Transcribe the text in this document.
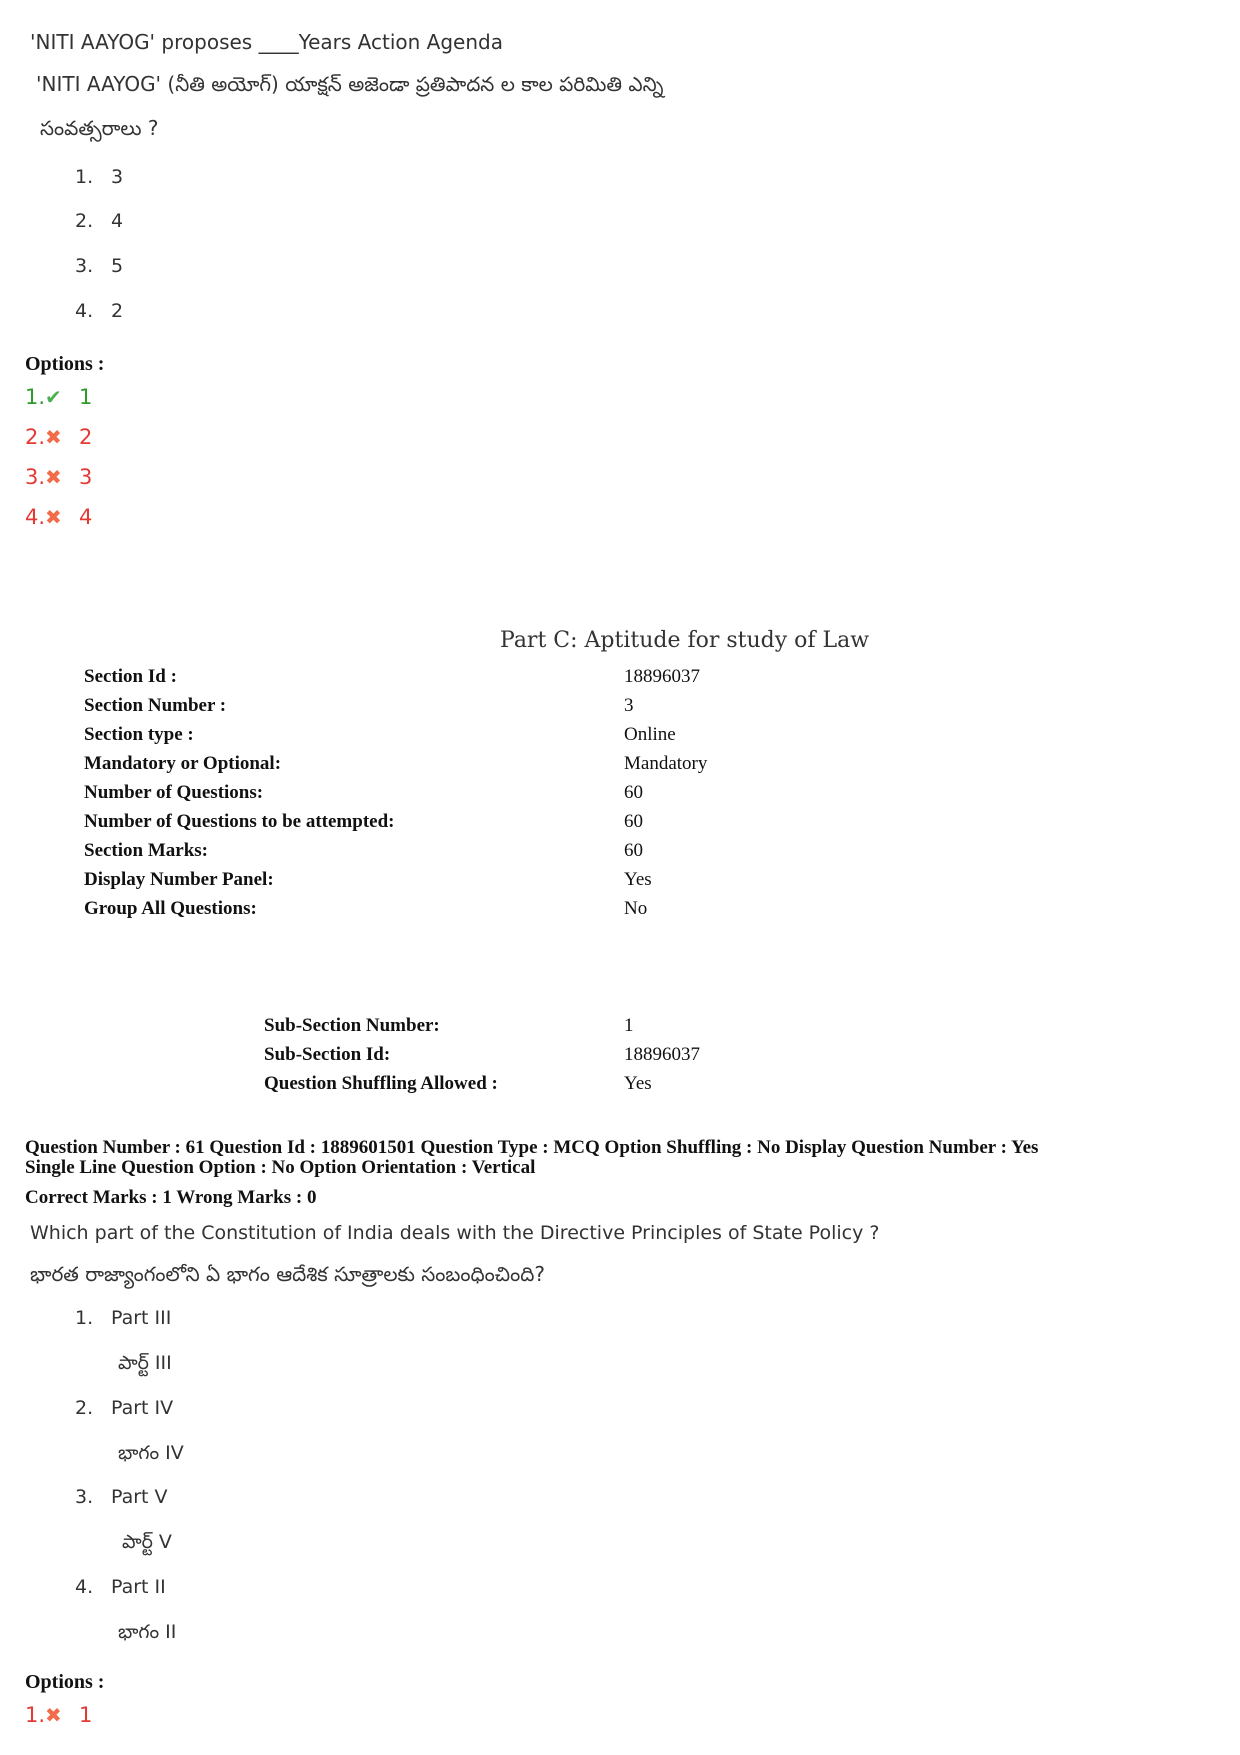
'NITI AAYOG' proposes ____Years Action Agenda
'NITI AAYOG' (నీతి అయోగ్) యాక్షన్ అజెండా ప్రతిపాదన ల కాల పరిమితి ఎన్ని
సంవత్సరాలు ?
1. 3
2. 4
3. 5
4. 2
Options :
1.✔ 1
2.✖ 2
3.✖ 3
4.✖ 4
Part C: Aptitude for study of Law
Section Id :	18896037
Section Number :	3
Section type :	Online
Mandatory or Optional:	Mandatory
Number of Questions:	60
Number of Questions to be attempted:	60
Section Marks:	60
Display Number Panel:	Yes
Group All Questions:	No
Sub-Section Number:	1
Sub-Section Id:	18896037
Question Shuffling Allowed :	Yes
Question Number : 61 Question Id : 1889601501 Question Type : MCQ Option Shuffling : No Display Question Number : Yes
Single Line Question Option : No Option Orientation : Vertical
Correct Marks : 1 Wrong Marks : 0
Which part of the Constitution of India deals with the Directive Principles of State Policy ?
భారత రాజ్యాంగంలోని ఏ భాగం ఆదేశిక సూత్రాలకు సంబంధించింది?
1. Part III
పార్ట్ III
2. Part IV
భాగం IV
3. Part V
పార్ట్ V
4. Part II
భాగం II
Options :
1.✖ 1
